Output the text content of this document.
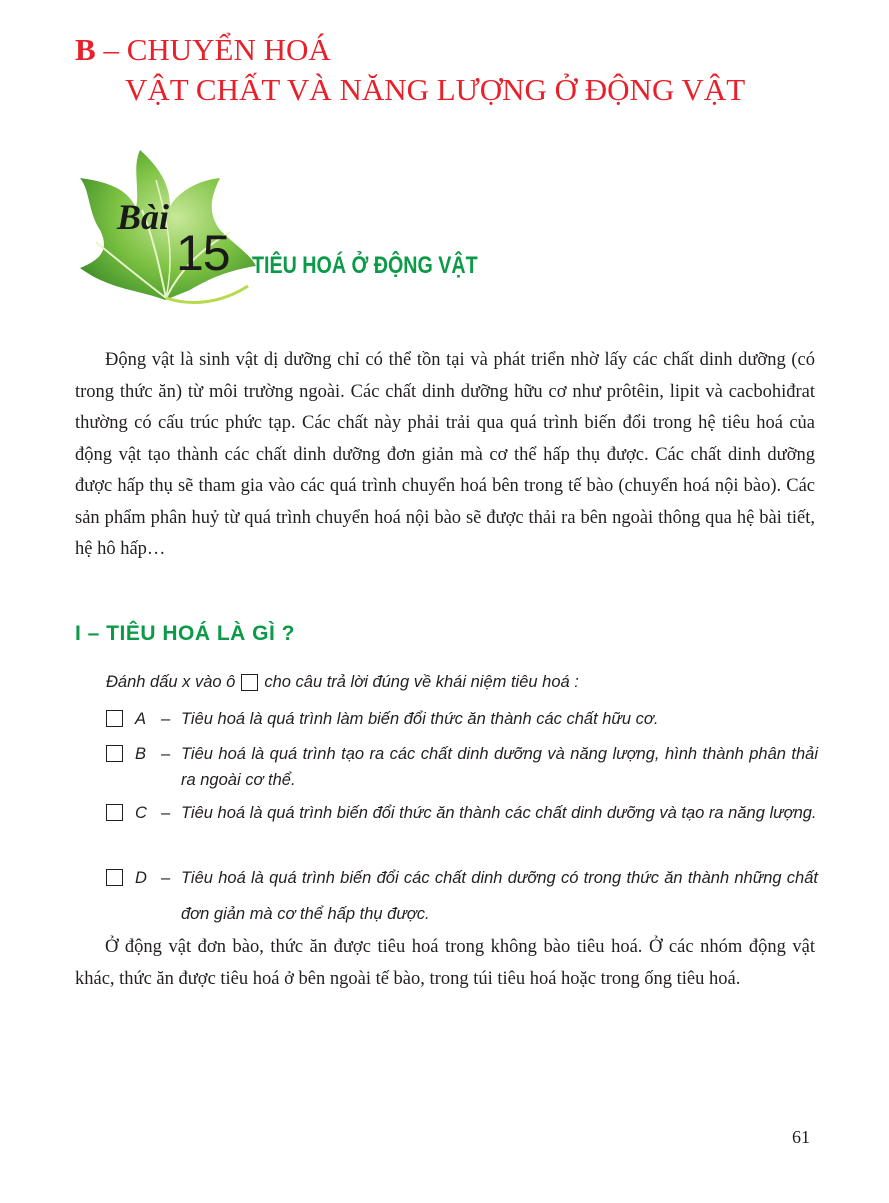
B – CHUYỂN HOÁ
VẬT CHẤT VÀ NĂNG LƯỢNG Ở ĐỘNG VẬT
Bài
15 TIÊU HOÁ Ở ĐỘNG VẬT

Động vật là sinh vật dị dưỡng chỉ có thể tồn tại và phát triển nhờ lấy các chất dinh dưỡng (có trong thức ăn) từ môi trường ngoài. Các chất dinh dưỡng hữu cơ như prôtêin, lipit và cacbohiđrat thường có cấu trúc phức tạp. Các chất này phải trải qua quá trình biến đổi trong hệ tiêu hoá của động vật tạo thành các chất dinh dưỡng đơn giản mà cơ thể hấp thụ được. Các chất dinh dưỡng được hấp thụ sẽ tham gia vào các quá trình chuyển hoá bên trong tế bào (chuyển hoá nội bào). Các sản phẩm phân huỷ từ quá trình chuyển hoá nội bào sẽ được thải ra bên ngoài thông qua hệ bài tiết, hệ hô hấp…

I – TIÊU HOÁ LÀ GÌ ?
Đánh dấu x vào ô cho câu trả lời đúng về khái niệm tiêu hoá :
A – Tiêu hoá là quá trình làm biến đổi thức ăn thành các chất hữu cơ.
B – Tiêu hoá là quá trình tạo ra các chất dinh dưỡng và năng lượng, hình thành phân thải ra ngoài cơ thể.
C – Tiêu hoá là quá trình biến đổi thức ăn thành các chất dinh dưỡng và tạo ra năng lượng.
D – Tiêu hoá là quá trình biến đổi các chất dinh dưỡng có trong thức ăn thành những chất đơn giản mà cơ thể hấp thụ được.

Ở động vật đơn bào, thức ăn được tiêu hoá trong không bào tiêu hoá. Ở các nhóm động vật khác, thức ăn được tiêu hoá ở bên ngoài tế bào, trong túi tiêu hoá hoặc trong ống tiêu hoá.

61
